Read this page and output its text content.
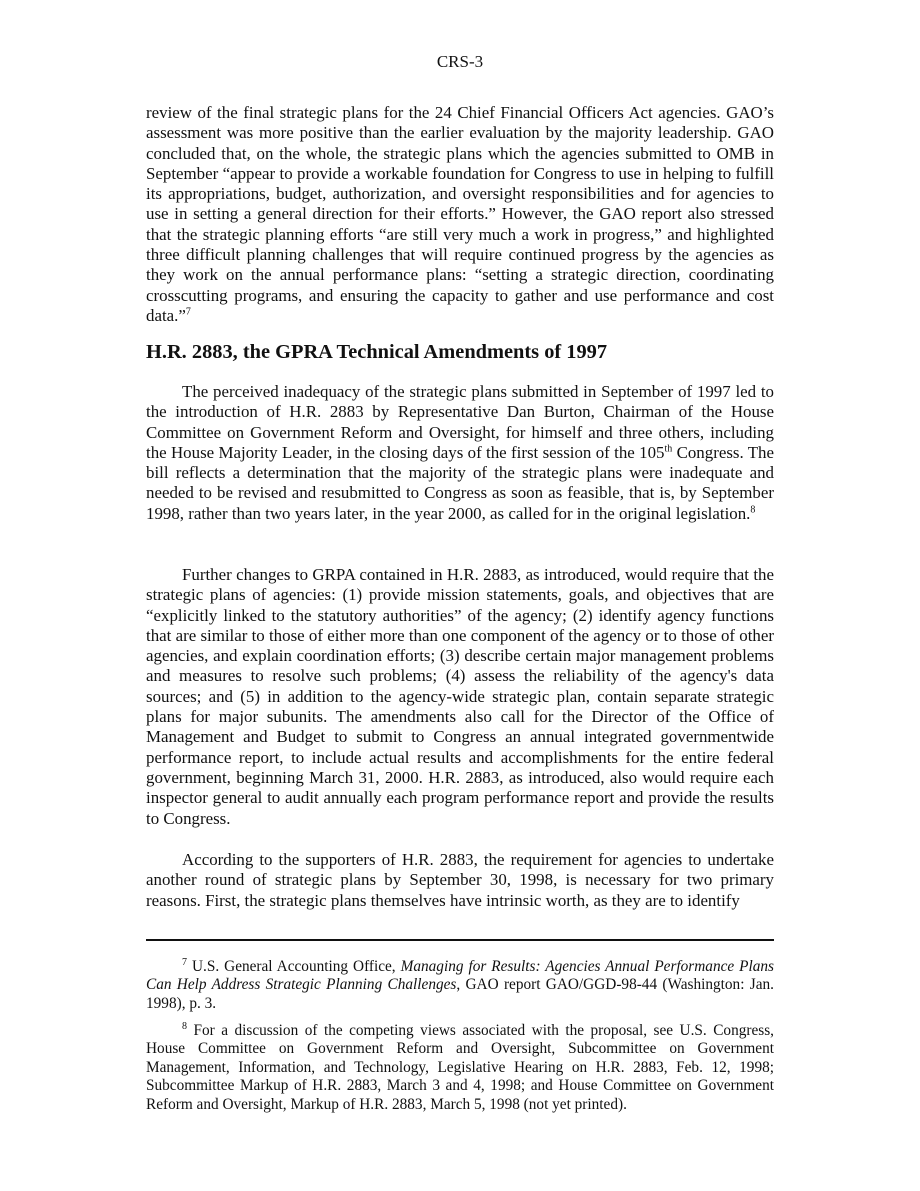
CRS-3

review of the final strategic plans for the 24 Chief Financial Officers Act agencies. GAO’s assessment was more positive than the earlier evaluation by the majority leadership. GAO concluded that, on the whole, the strategic plans which the agencies submitted to OMB in September “appear to provide a workable foundation for Congress to use in helping to fulfill its appropriations, budget, authorization, and oversight responsibilities and for agencies to use in setting a general direction for their efforts.” However, the GAO report also stressed that the strategic planning efforts “are still very much a work in progress,” and highlighted three difficult planning challenges that will require continued progress by the agencies as they work on the annual performance plans: “setting a strategic direction, coordinating crosscutting programs, and ensuring the capacity to gather and use performance and cost data.”$^7$

H.R. 2883, the GPRA Technical Amendments of 1997

The perceived inadequacy of the strategic plans submitted in September of 1997 led to the introduction of H.R. 2883 by Representative Dan Burton, Chairman of the House Committee on Government Reform and Oversight, for himself and three others, including the House Majority Leader, in the closing days of the first session of the 105th Congress. The bill reflects a determination that the majority of the strategic plans were inadequate and needed to be revised and resubmitted to Congress as soon as feasible, that is, by September 1998, rather than two years later, in the year 2000, as called for in the original legislation.$^8$

Further changes to GRPA contained in H.R. 2883, as introduced, would require that the strategic plans of agencies: (1) provide mission statements, goals, and objectives that are “explicitly linked to the statutory authorities” of the agency; (2) identify agency functions that are similar to those of either more than one component of the agency or to those of other agencies, and explain coordination efforts; (3) describe certain major management problems and measures to resolve such problems; (4) assess the reliability of the agency's data sources; and (5) in addition to the agency-wide strategic plan, contain separate strategic plans for major subunits. The amendments also call for the Director of the Office of Management and Budget to submit to Congress an annual integrated governmentwide performance report, to include actual results and accomplishments for the entire federal government, beginning March 31, 2000. H.R. 2883, as introduced, also would require each inspector general to audit annually each program performance report and provide the results to Congress.

According to the supporters of H.R. 2883, the requirement for agencies to undertake another round of strategic plans by September 30, 1998, is necessary for two primary reasons. First, the strategic plans themselves have intrinsic worth, as they are to identify

$^7$ U.S. General Accounting Office, Managing for Results: Agencies Annual Performance Plans Can Help Address Strategic Planning Challenges, GAO report GAO/GGD-98-44 (Washington: Jan. 1998), p. 3.

$^8$ For a discussion of the competing views associated with the proposal, see U.S. Congress, House Committee on Government Reform and Oversight, Subcommittee on Government Management, Information, and Technology, Legislative Hearing on H.R. 2883, Feb. 12, 1998; Subcommittee Markup of H.R. 2883, March 3 and 4, 1998; and House Committee on Government Reform and Oversight, Markup of H.R. 2883, March 5, 1998 (not yet printed).
